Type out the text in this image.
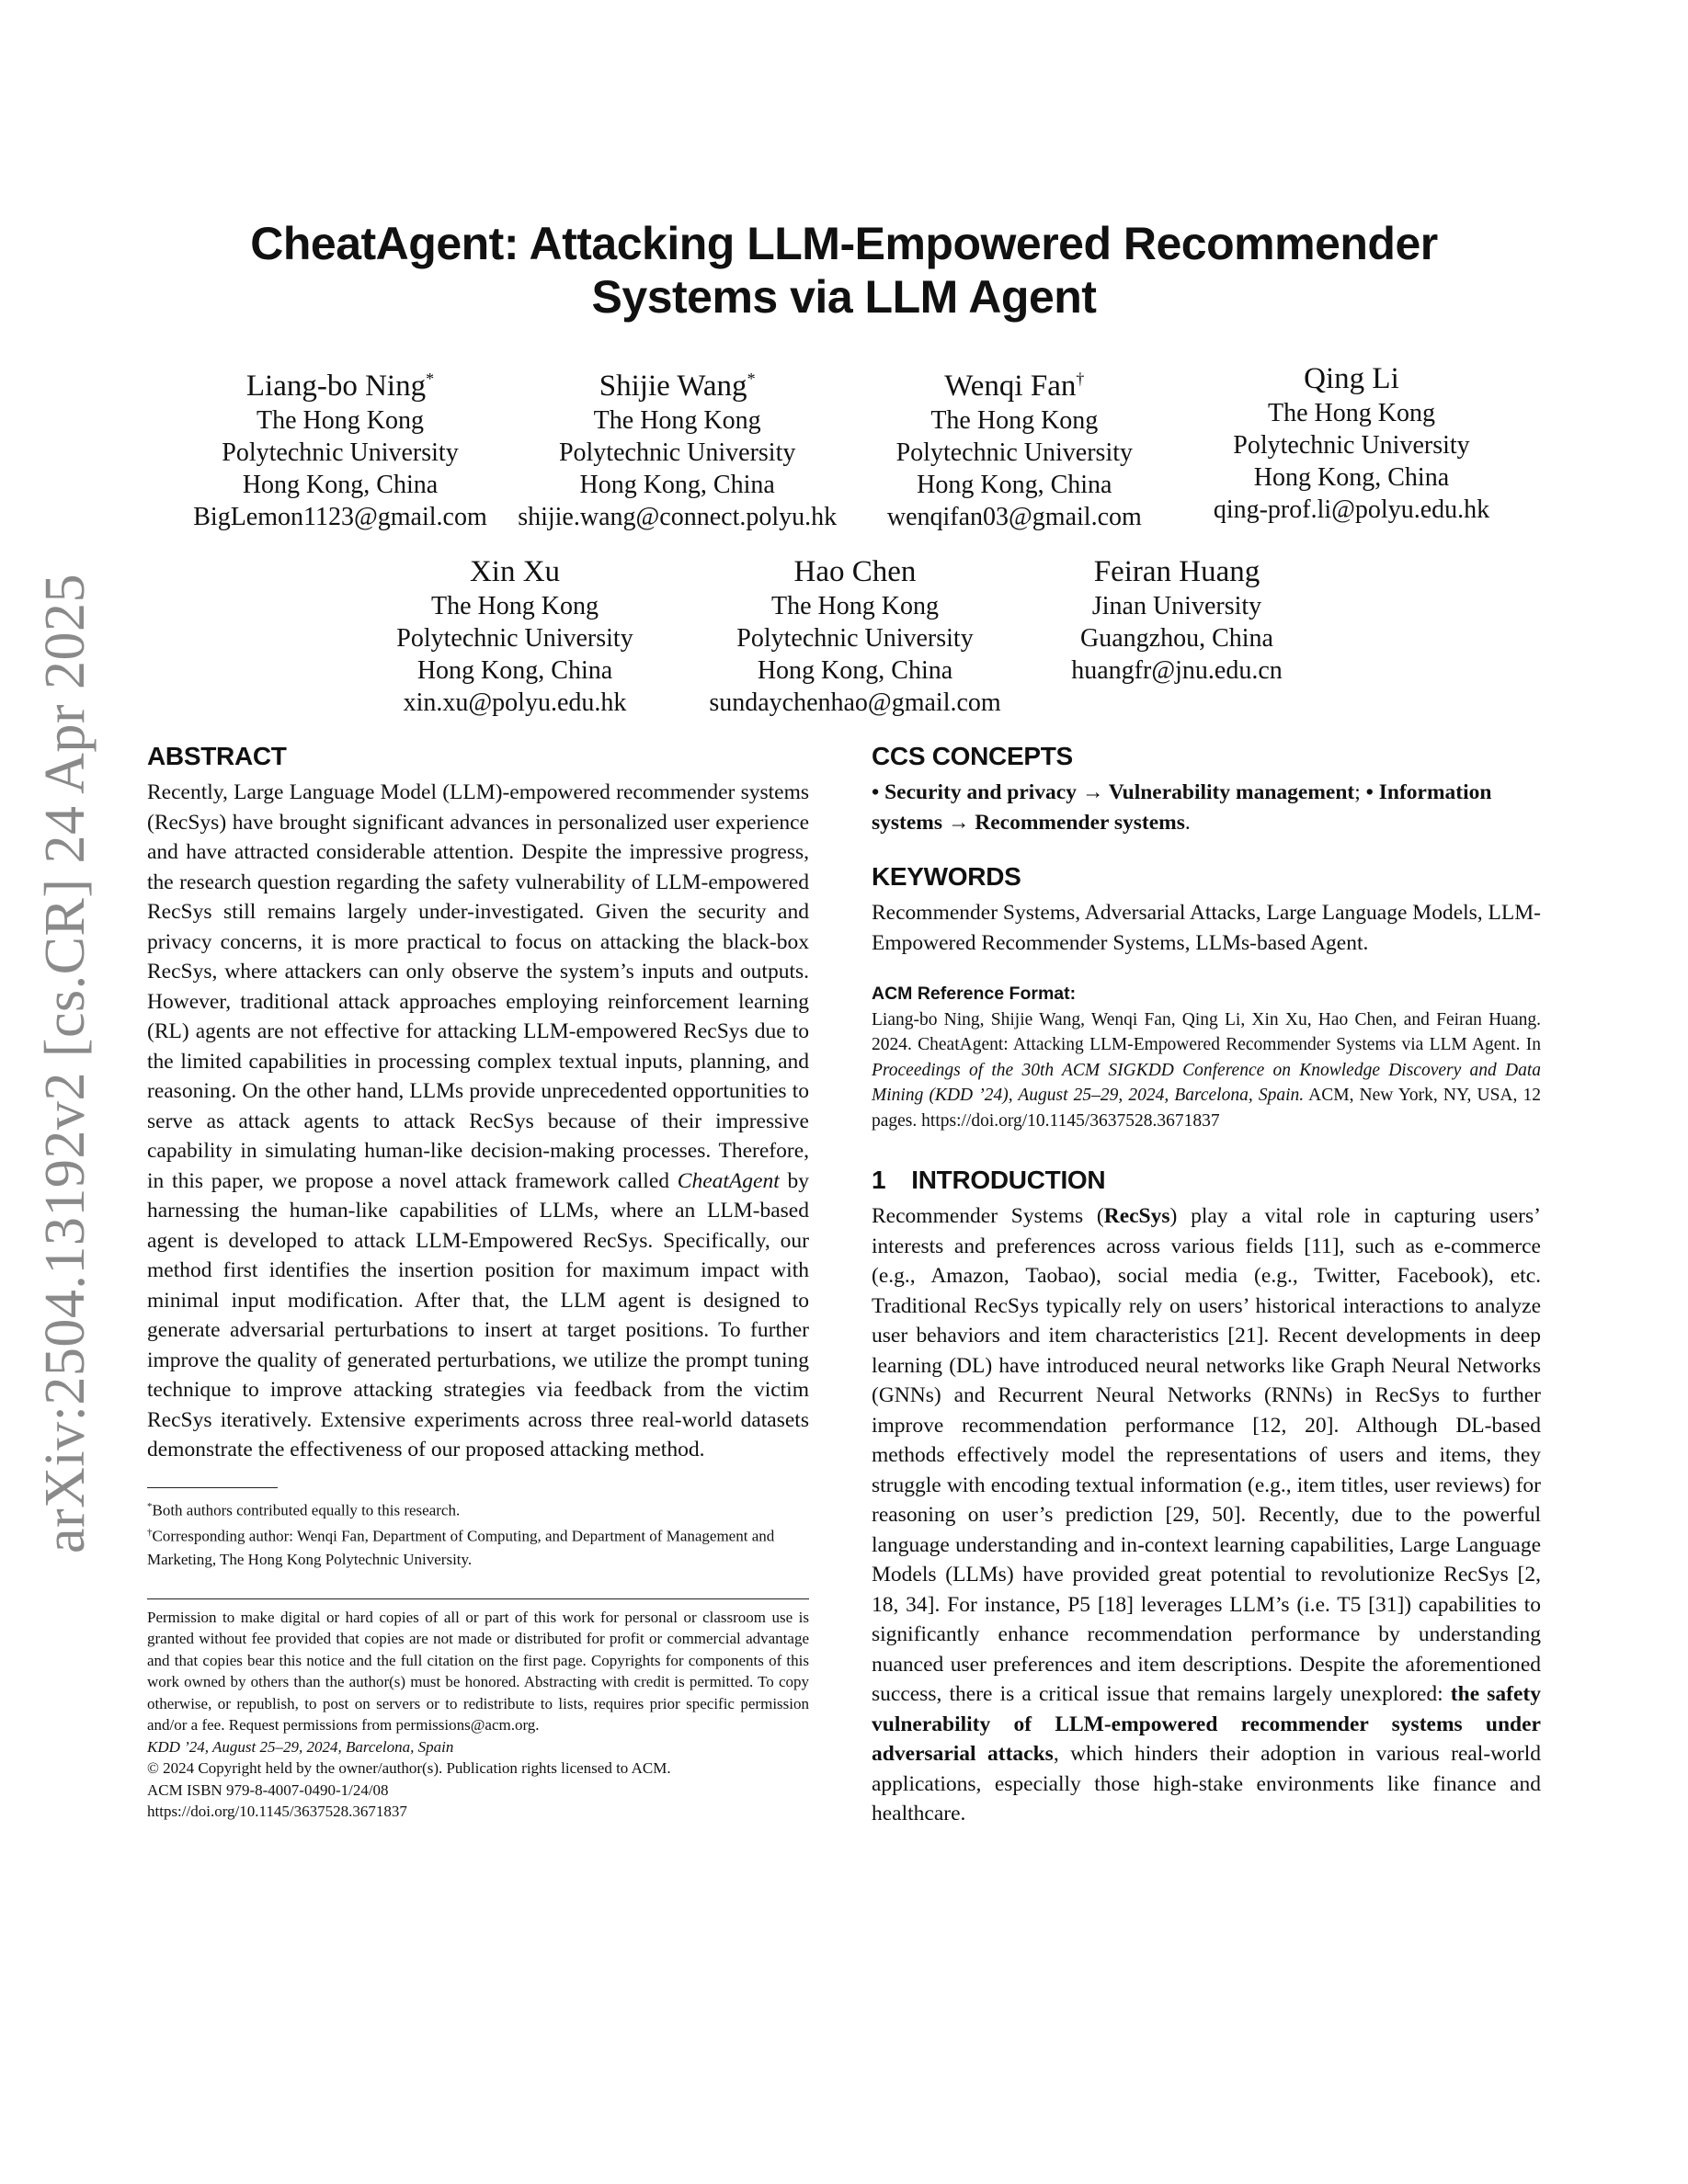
arXiv:2504.13192v2 [cs.CR] 24 Apr 2025
CheatAgent: Attacking LLM-Empowered Recommender
Systems via LLM Agent
Liang-bo Ning*
The Hong Kong
Polytechnic University
Hong Kong, China
BigLemon1123@gmail.com
Shijie Wang*
The Hong Kong
Polytechnic University
Hong Kong, China
shijie.wang@connect.polyu.hk
Wenqi Fan†
The Hong Kong
Polytechnic University
Hong Kong, China
wenqifan03@gmail.com
Qing Li
The Hong Kong
Polytechnic University
Hong Kong, China
qing-prof.li@polyu.edu.hk
Xin Xu
The Hong Kong
Polytechnic University
Hong Kong, China
xin.xu@polyu.edu.hk
Hao Chen
The Hong Kong
Polytechnic University
Hong Kong, China
sundaychenhao@gmail.com
Feiran Huang
Jinan University
Guangzhou, China
huangfr@jnu.edu.cn
ABSTRACT

Recently, Large Language Model (LLM)-empowered recommender systems (RecSys) have brought significant advances in personalized user experience and have attracted considerable attention. Despite the impressive progress, the research question regarding the safety vulnerability of LLM-empowered RecSys still remains largely under-investigated. Given the security and privacy concerns, it is more practical to focus on attacking the black-box RecSys, where attackers can only observe the system’s inputs and outputs. However, traditional attack approaches employing reinforcement learning (RL) agents are not effective for attacking LLM-empowered RecSys due to the limited capabilities in processing complex textual inputs, planning, and reasoning. On the other hand, LLMs provide unprecedented opportunities to serve as attack agents to attack RecSys because of their impressive capability in simulating human-like decision-making processes. Therefore, in this paper, we propose a novel attack framework called CheatAgent by harnessing the human-like capabilities of LLMs, where an LLM-based agent is developed to attack LLM-Empowered RecSys. Specifically, our method first identifies the insertion position for maximum impact with minimal input modification. After that, the LLM agent is designed to generate adversarial perturbations to insert at target positions. To further improve the quality of generated perturbations, we utilize the prompt tuning technique to improve attacking strategies via feedback from the victim RecSys iteratively. Extensive experiments across three real-world datasets demonstrate the effectiveness of our proposed attacking method.

*Both authors contributed equally to this research.

†Corresponding author: Wenqi Fan, Department of Computing, and Department of Management and Marketing, The Hong Kong Polytechnic University.

Permission to make digital or hard copies of all or part of this work for personal or classroom use is granted without fee provided that copies are not made or distributed for profit or commercial advantage and that copies bear this notice and the full citation on the first page. Copyrights for components of this work owned by others than the author(s) must be honored. Abstracting with credit is permitted. To copy otherwise, or republish, to post on servers or to redistribute to lists, requires prior specific permission and/or a fee. Request permissions from permissions@acm.org.

KDD ’24, August 25–29, 2024, Barcelona, Spain

© 2024 Copyright held by the owner/author(s). Publication rights licensed to ACM.

ACM ISBN 979-8-4007-0490-1/24/08

https://doi.org/10.1145/3637528.3671837

CCS CONCEPTS

• Security and privacy → Vulnerability management; • Information systems → Recommender systems.

KEYWORDS

Recommender Systems, Adversarial Attacks, Large Language Models, LLM-Empowered Recommender Systems, LLMs-based Agent.

ACM Reference Format:

Liang-bo Ning, Shijie Wang, Wenqi Fan, Qing Li, Xin Xu, Hao Chen, and Feiran Huang. 2024. CheatAgent: Attacking LLM-Empowered Recommender Systems via LLM Agent. In Proceedings of the 30th ACM SIGKDD Conference on Knowledge Discovery and Data Mining (KDD ’24), August 25–29, 2024, Barcelona, Spain. ACM, New York, NY, USA, 12 pages. https://doi.org/10.1145/3637528.3671837

1 INTRODUCTION

Recommender Systems (RecSys) play a vital role in capturing users’ interests and preferences across various fields [11], such as e-commerce (e.g., Amazon, Taobao), social media (e.g., Twitter, Facebook), etc. Traditional RecSys typically rely on users’ historical interactions to analyze user behaviors and item characteristics [21]. Recent developments in deep learning (DL) have introduced neural networks like Graph Neural Networks (GNNs) and Recurrent Neural Networks (RNNs) in RecSys to further improve recommendation performance [12, 20]. Although DL-based methods effectively model the representations of users and items, they struggle with encoding textual information (e.g., item titles, user reviews) for reasoning on user’s prediction [29, 50]. Recently, due to the powerful language understanding and in-context learning capabilities, Large Language Models (LLMs) have provided great potential to revolutionize RecSys [2, 18, 34]. For instance, P5 [18] leverages LLM’s (i.e. T5 [31]) capabilities to significantly enhance recommendation performance by understanding nuanced user preferences and item descriptions. Despite the aforementioned success, there is a critical issue that remains largely unexplored: the safety vulnerability of LLM-empowered recommender systems under adversarial attacks, which hinders their adoption in various real-world applications, especially those high-stake environments like finance and healthcare.
